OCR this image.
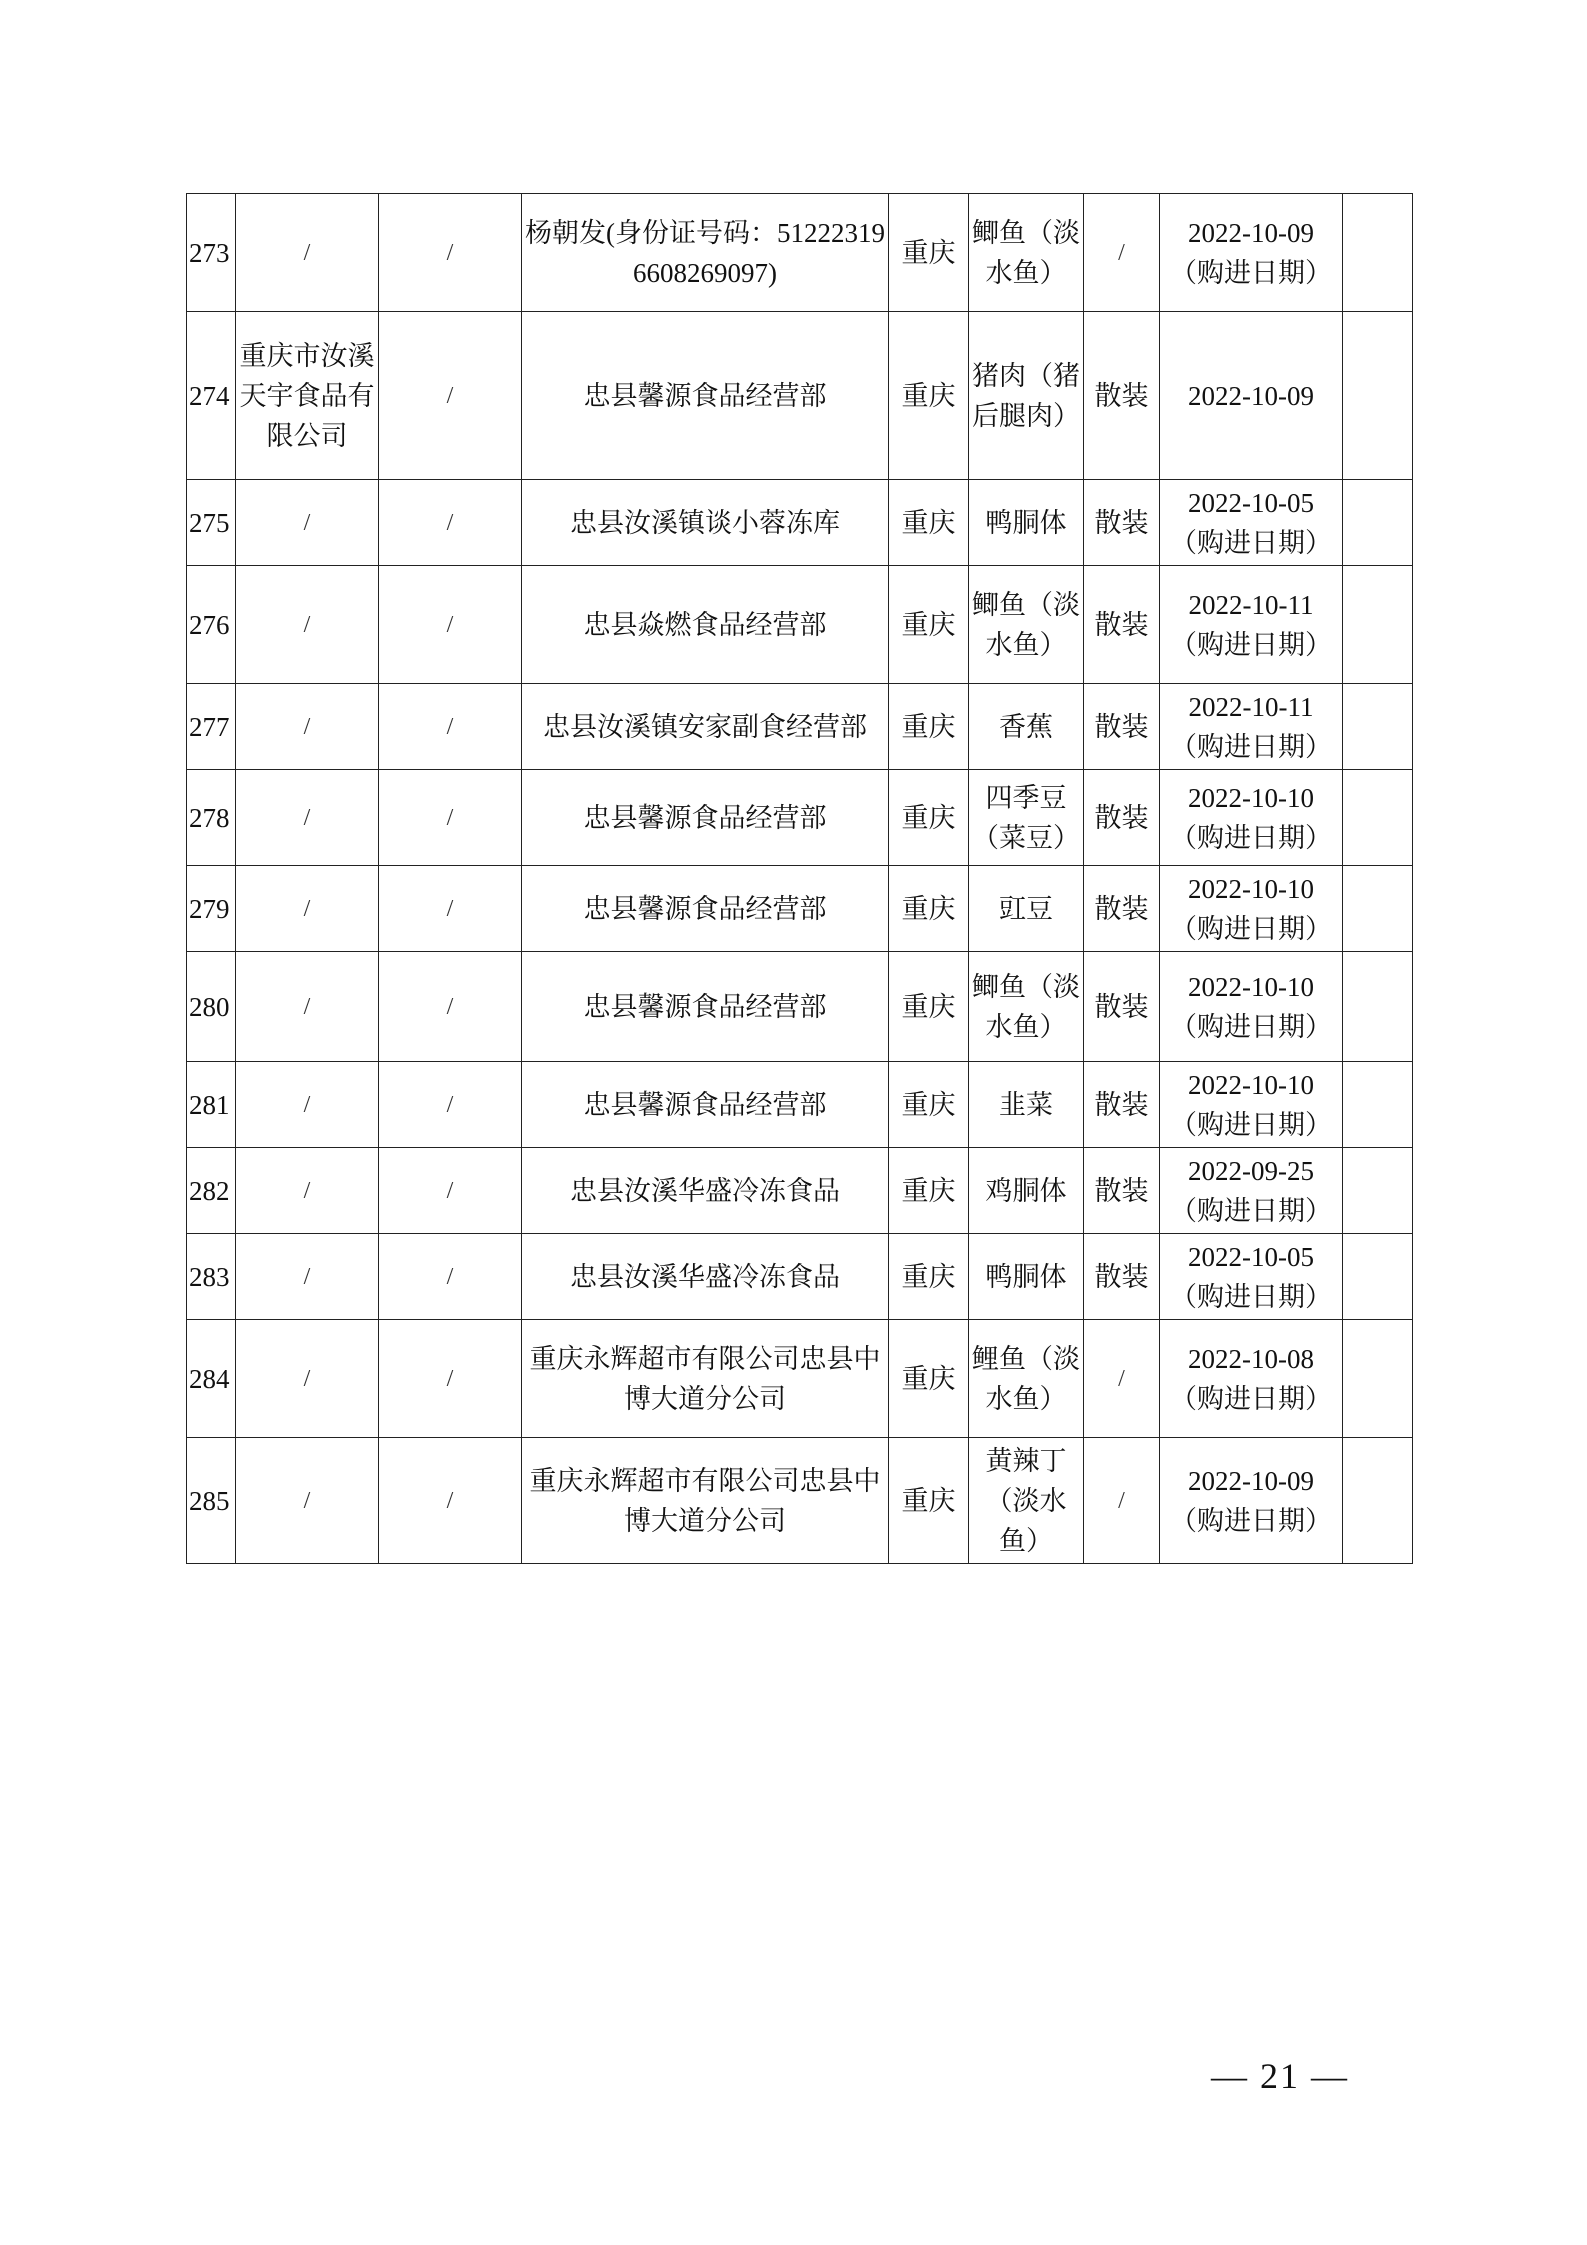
273	/	/	杨朝发(身份证号码：512223196608269097)	重庆	鲫鱼（淡水鱼）	/	2022-10-09（购进日期）	
274	重庆市汝溪天宇食品有限公司	/	忠县馨源食品经营部	重庆	猪肉（猪后腿肉）	散装	2022-10-09	
275	/	/	忠县汝溪镇谈小蓉冻库	重庆	鸭胴体	散装	2022-10-05（购进日期）	
276	/	/	忠县焱燃食品经营部	重庆	鲫鱼（淡水鱼）	散装	2022-10-11（购进日期）	
277	/	/	忠县汝溪镇安家副食经营部	重庆	香蕉	散装	2022-10-11（购进日期）	
278	/	/	忠县馨源食品经营部	重庆	四季豆（菜豆）	散装	2022-10-10（购进日期）	
279	/	/	忠县馨源食品经营部	重庆	豇豆	散装	2022-10-10（购进日期）	
280	/	/	忠县馨源食品经营部	重庆	鲫鱼（淡水鱼）	散装	2022-10-10（购进日期）	
281	/	/	忠县馨源食品经营部	重庆	韭菜	散装	2022-10-10（购进日期）	
282	/	/	忠县汝溪华盛冷冻食品	重庆	鸡胴体	散装	2022-09-25（购进日期）	
283	/	/	忠县汝溪华盛冷冻食品	重庆	鸭胴体	散装	2022-10-05（购进日期）	
284	/	/	重庆永辉超市有限公司忠县中博大道分公司	重庆	鲤鱼（淡水鱼）	/	2022-10-08（购进日期）	
285	/	/	重庆永辉超市有限公司忠县中博大道分公司	重庆	黄辣丁（淡水鱼）	/	2022-10-09（购进日期）	
— 21 —
